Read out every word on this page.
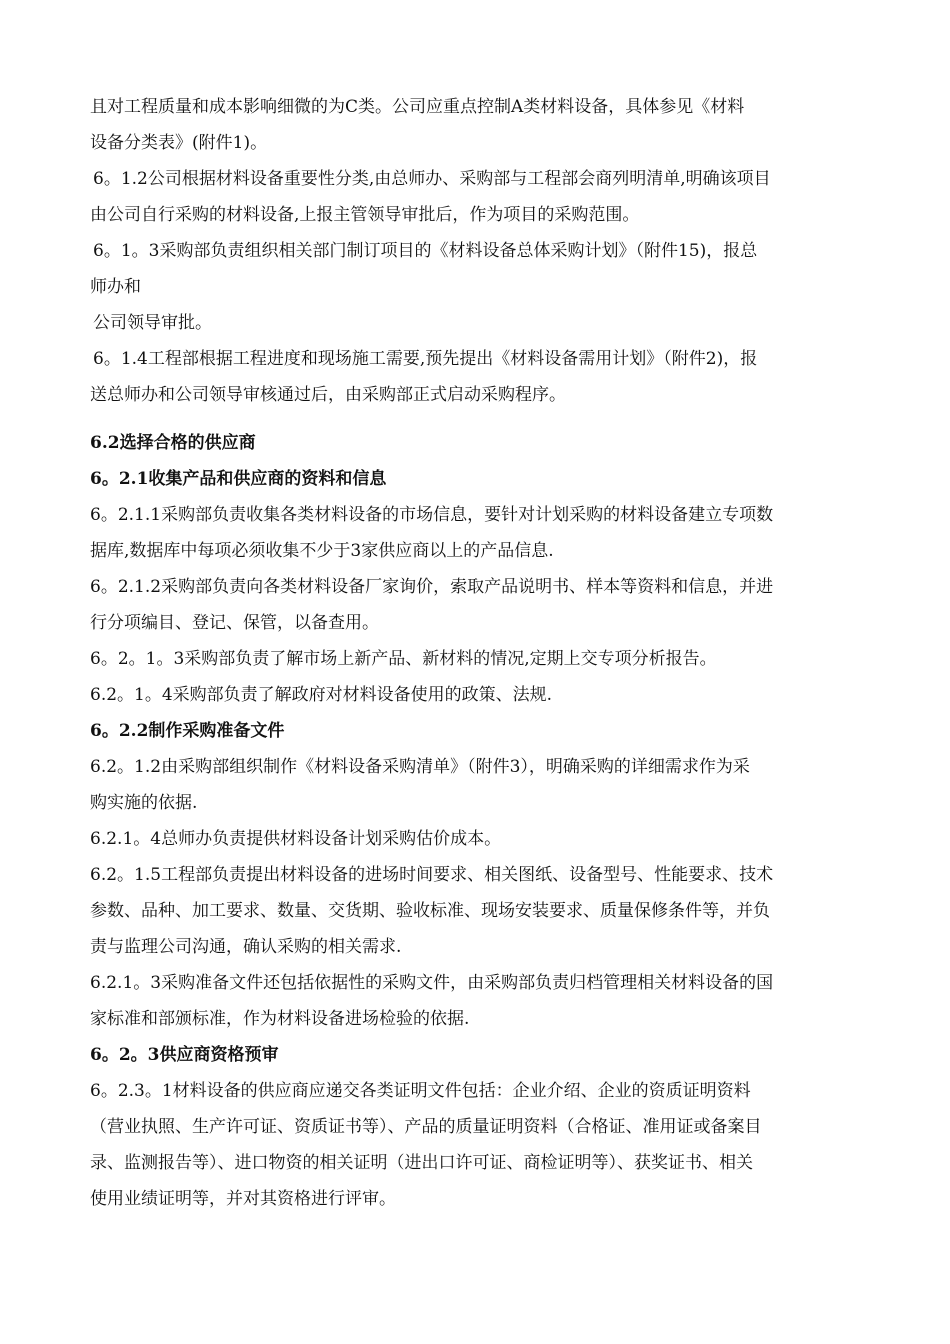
且对工程质量和成本影响细微的为C类。公司应重点控制A类材料设备，具体参见《材料
设备分类表》(附件1)。
6。1.2公司根据材料设备重要性分类,由总师办、采购部与工程部会商列明清单,明确该项目
由公司自行采购的材料设备,上报主管领导审批后，作为项目的采购范围。
6。1。3采购部负责组织相关部门制订项目的《材料设备总体采购计划》（附件15)，报总
师办和
公司领导审批。
6。1.4工程部根据工程进度和现场施工需要,预先提出《材料设备需用计划》（附件2)，报
送总师办和公司领导审核通过后，由采购部正式启动采购程序。
6.2选择合格的供应商
6。2.1收集产品和供应商的资料和信息
6。2.1.1采购部负责收集各类材料设备的市场信息，要针对计划采购的材料设备建立专项数
据库,数据库中每项必须收集不少于3家供应商以上的产品信息.
6。2.1.2采购部负责向各类材料设备厂家询价，索取产品说明书、样本等资料和信息，并进
行分项编目、登记、保管，以备查用。
6。2。1。3采购部负责了解市场上新产品、新材料的情况,定期上交专项分析报告。
6.2。1。4采购部负责了解政府对材料设备使用的政策、法规.
6。2.2制作采购准备文件
6.2。1.2由采购部组织制作《材料设备采购清单》（附件3），明确采购的详细需求作为采
购实施的依据.
6.2.1。4总师办负责提供材料设备计划采购估价成本。
6.2。1.5工程部负责提出材料设备的进场时间要求、相关图纸、设备型号、性能要求、技术
参数、品种、加工要求、数量、交货期、验收标准、现场安装要求、质量保修条件等，并负
责与监理公司沟通，确认采购的相关需求.
6.2.1。3采购准备文件还包括依据性的采购文件，由采购部负责归档管理相关材料设备的国
家标准和部颁标准，作为材料设备进场检验的依据.
6。2。3供应商资格预审
6。2.3。1材料设备的供应商应递交各类证明文件包括：企业介绍、企业的资质证明资料
（营业执照、生产许可证、资质证书等）、产品的质量证明资料（合格证、准用证或备案目
录、监测报告等）、进口物资的相关证明（进出口许可证、商检证明等）、获奖证书、相关
使用业绩证明等，并对其资格进行评审。
